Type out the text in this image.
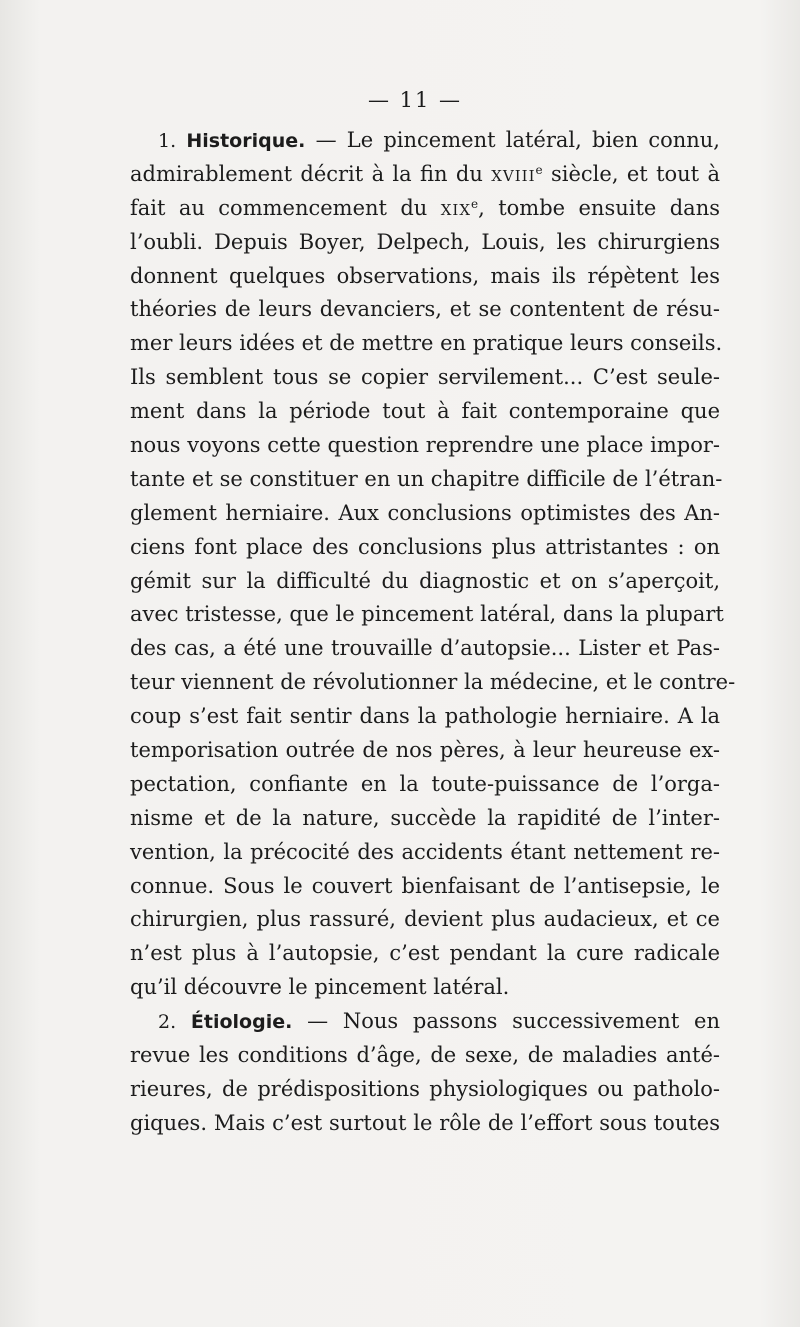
— 11 —
1. Historique. — Le pincement latéral, bien connu,
admirablement décrit à la fin du XVIIIe siècle, et tout à
fait au commencement du XIXe, tombe ensuite dans
l’oubli. Depuis Boyer, Delpech, Louis, les chirurgiens
donnent quelques observations, mais ils répètent les
théories de leurs devanciers, et se contentent de résu-
mer leurs idées et de mettre en pratique leurs conseils.
Ils semblent tous se copier servilement... C’est seule-
ment dans la période tout à fait contemporaine que
nous voyons cette question reprendre une place impor-
tante et se constituer en un chapitre difficile de l’étran-
glement herniaire. Aux conclusions optimistes des An-
ciens font place des conclusions plus attristantes : on
gémit sur la difficulté du diagnostic et on s’aperçoit,
avec tristesse, que le pincement latéral, dans la plupart
des cas, a été une trouvaille d’autopsie... Lister et Pas-
teur viennent de révolutionner la médecine, et le contre-
coup s’est fait sentir dans la pathologie herniaire. A la
temporisation outrée de nos pères, à leur heureuse ex-
pectation, confiante en la toute-puissance de l’orga-
nisme et de la nature, succède la rapidité de l’inter-
vention, la précocité des accidents étant nettement re-
connue. Sous le couvert bienfaisant de l’antisepsie, le
chirurgien, plus rassuré, devient plus audacieux, et ce
n’est plus à l’autopsie, c’est pendant la cure radicale
qu’il découvre le pincement latéral.
2. Étiologie. — Nous passons successivement en
revue les conditions d’âge, de sexe, de maladies anté-
rieures, de prédispositions physiologiques ou patholo-
giques. Mais c’est surtout le rôle de l’effort sous toutes
